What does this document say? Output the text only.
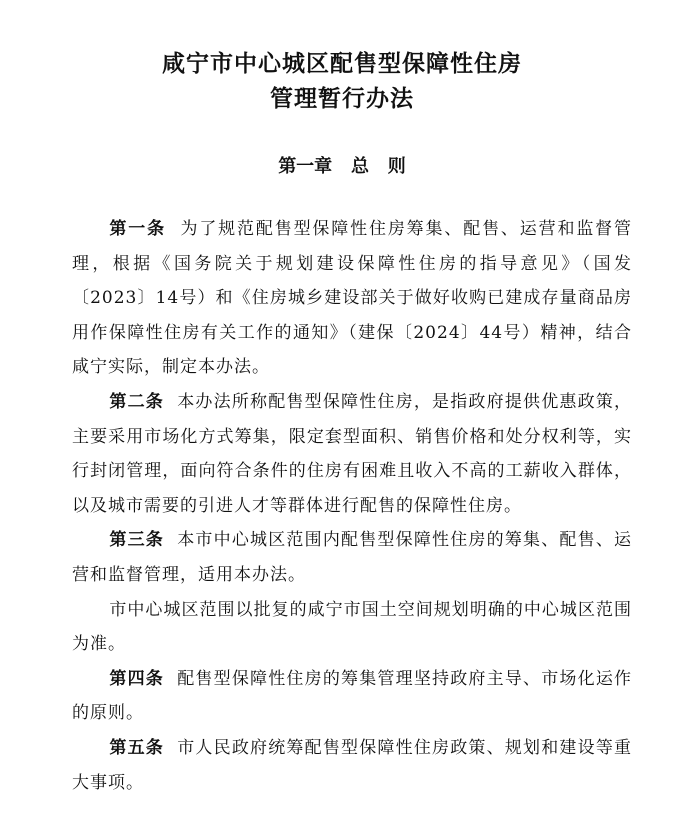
咸宁市中心城区配售型保障性住房
管理暂行办法
第一章   总   则

第一条 为了规范配售型保障性住房筹集、配售、运营和监督管理，根据《国务院关于规划建设保障性住房的指导意见》（国发〔2023〕14号）和《住房城乡建设部关于做好收购已建成存量商品房用作保障性住房有关工作的通知》（建保〔2024〕44号）精神，结合咸宁实际，制定本办法。

第二条 本办法所称配售型保障性住房，是指政府提供优惠政策，主要采用市场化方式筹集，限定套型面积、销售价格和处分权利等，实行封闭管理，面向符合条件的住房有困难且收入不高的工薪收入群体，以及城市需要的引进人才等群体进行配售的保障性住房。

第三条 本市中心城区范围内配售型保障性住房的筹集、配售、运营和监督管理，适用本办法。

市中心城区范围以批复的咸宁市国土空间规划明确的中心城区范围为准。

第四条 配售型保障性住房的筹集管理坚持政府主导、市场化运作的原则。

第五条 市人民政府统筹配售型保障性住房政策、规划和建设等重大事项。
